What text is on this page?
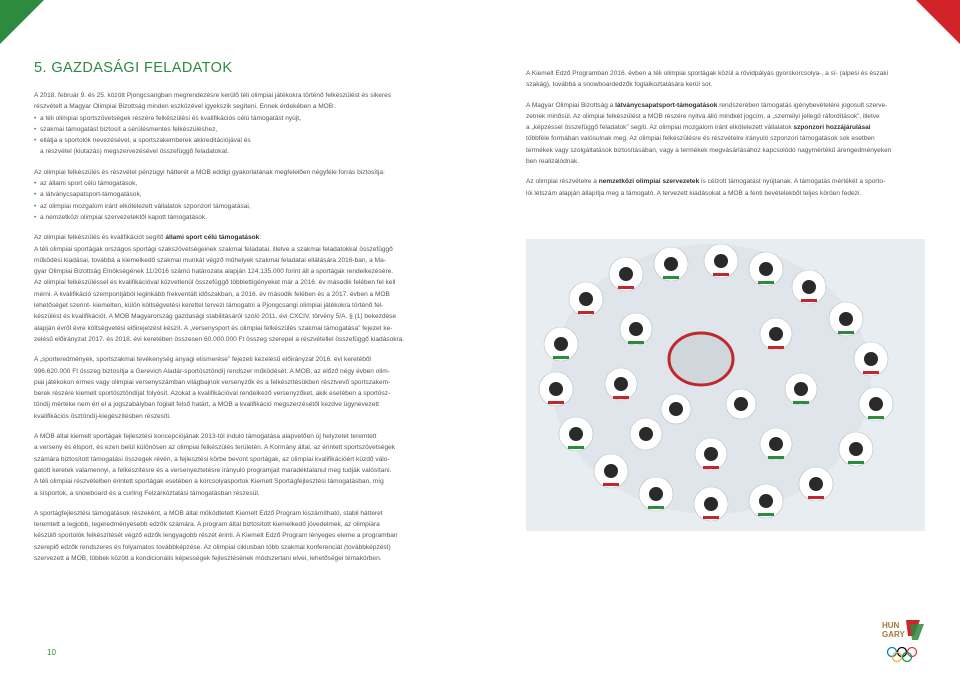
5. GAZDASÁGI FELADATOK

A 2018. február 9. és 25. között Pjongcsangban megrendezésre kerülő téli olimpiai játékokra történő felkészülést és sikeres
részvételt a Magyar Olimpiai Bizottság minden eszközével igyekszik segíteni. Ennek érdekében a MOB:

• a téli olimpiai sportszövetségek részére felkészülési és kvalifikációs célú támogatást nyújt,
• szakmai támogatást biztosít a sérülésmentes felkészüléshez,
• ellátja a sportolók nevezésével, a sportszakemberek akkreditációjával és
a részvétel (kiutazás) megszervezésével összefüggő feladatokat.

Az olimpiai felkészülés és részvétel pénzügyi hátterét a MOB eddigi gyakorlatának megfelelően négyféle forrás biztosítja:

• az állami sport célú támogatások,
• a látványcsapatsport-támogatások,
• az olimpiai mozgalom iránt elkötelezett vállalatok szponzori támogatásai,
• a nemzetközi olimpiai szervezetektől kapott támogatások.

Az olimpiai felkészülés és kvalifikációt segítő állami sport célú támogatások:
A téli olimpiai sportágak országos sportági szakszövetségeinek szakmai feladatai, illetve a szakmai feladatokkal összefüggő
működési kiadásai, továbbá a kiemelkedő szakmai munkát végző műhelyek szakmai feladatai ellátására 2016-ban, a Ma-
gyar Olimpiai Bizottság Elnökségének 11/2016 számú határozata alapján 124.135.000 forint áll a sportágak rendelkezésére.
Az olimpiai felkészüléssel és kvalifikációval közvetlenül összefüggő többlettigényeket már a 2016. év második felében fel kell
mérni. A kvalifikáció szempontjából leginkább frekventált időszakban, a 2016. év második felében és a 2017. évben a MOB
lehetőséget szerint- kiemelten, külön költségvetési kerettel tervezi támogatni a Pjongcsangi olimpiai játékokra történő fel-
készülést és kvalifikációt. A MOB Magyarország gazdasági stabilitásáról szóló 2011. évi CXCIV. törvény 5/A. § (1) bekezdése
alapján évről évre költségvetési előirejelzést készít. A „versenysport és olimpiai felkészülés szakmai támogatása” fejezet ke-
zelésű előirányzat 2017. és 2018. évi keretében összesen 60.000.000 Ft összeg szerepel a részvétellel összefüggő kiadásokra.

A „sporteredmények, sportszakmai tevékenység anyagi elismerése” fejezeti kezelésű előirányzat 2016. évi keretéből
996.620.000 Ft összeg biztosítja a Gerevich Aladár-sportösztöndíj rendszer működését. A MOB, az előző négy évben olim-
piai játékokon érmes vagy olimpiai versenyszámban világbajnok versenyzők és a felkészítésükben résztvevő sportszakem-
berek részére kiemelt sportösztöndíjat folyósít. Azokat a kvalifikációval rendelkező versenyzőket, akik esetében a sportösz-
töndíj mértéke nem éri el a jogszabályban foglalt felső határt, a MOB a kvalifikáció megszerzésétől kezdve ügynevezett
kvalifikációs ösztöndíj-kiegészítésben részesíti.

A MOB által kiemelt sportágak fejlesztési koncepciójának 2013-tól induló támogatása alapvetően új helyzetet teremtett
a verseny és élsport, és ezen belül különösen az olimpiai felkészülés területén. A Kormány által, az érintett sportszövetségek
számára biztosított támogatási összegek révén, a fejlesztési körbe bevont sportágak, az olimpiai kvalifikációért küzdő válo-
gatott keretek valamennyi, a felkészítésre és a versenyeztetésre irányuló programjait maradéktalanul meg tudják valósítani.
A téli olimpiai részvételben érintett sportágak esetében a korcsolyasportok Kiemelt Sportágfejlesztési támogatásban, míg
a sísportok, a snowboard és a curling Felzárkóztatási támogatásban részesül.

A sportágfejlesztési támogatások részeként, a MOB által működtetett Kiemelt Edző Program kiszámítható, stabil hátteret
teremtett a legjobb, legeredményesebb edzők számára. A program által biztosított kiemelkedő jövedelmek, az olimpiára
készülő sportolók felkészítését végző edzők lengyagobb részét érinti. A Kiemelt Edző Program lényeges eleme a programban
szereplő edzők rendszeres és folyamatos továbbképzése. Az olimpiai ciklusban több szakmai konferenciát (továbbképzést)
szervezett a MOB, többek között a kondicionális képességek fejlesztésének módszertani elvei, lehetőségei témakörben.

A Kiemelt Edző Programban 2016. évben a téli olimpiai sportágak közül a rövidpályás gyorskorcsolya-, a sí- (alpesi és északi
szakág), továbbá a snowboardedzők foglalkoztatására kerül sor.

A Magyar Olimpiai Bizottság a látványcsapatsport-támogatások rendszerében támogatás igénybevételére jogosult szerve-
zetnek minősül. Az olimpiai felkészülést a MOB részére nyitva álló mindkét jogcím, a „személyi jellegű ráfordítások”, illetve
a „képzéssel összefüggő feladatok” segíti. Az olimpiai mozgalom iránt elkötelezett vállalatok szponzori hozzájárulásai
többféle formában valósulnak meg. Az olimpiai felkészülésre és részvételre irányuló szponzori támogatások sok esetben
termékek vagy szolgáltatások biztosításában, vagy a termékek megvásárlásához kapcsolódó nagymértékű árengedményeken
ben realizálódnak.

Az olimpiai részvételre a nemzetközi olimpiai szervezetek is célzott támogatást nyújtanak. A támogatás mértékét a sporto-
lói létszám alapján állapítja meg a támogató. A tervezett kiadásokat a MOB a fenti bevételekből teljes körűen fedezi.

10
HUN
GARY
